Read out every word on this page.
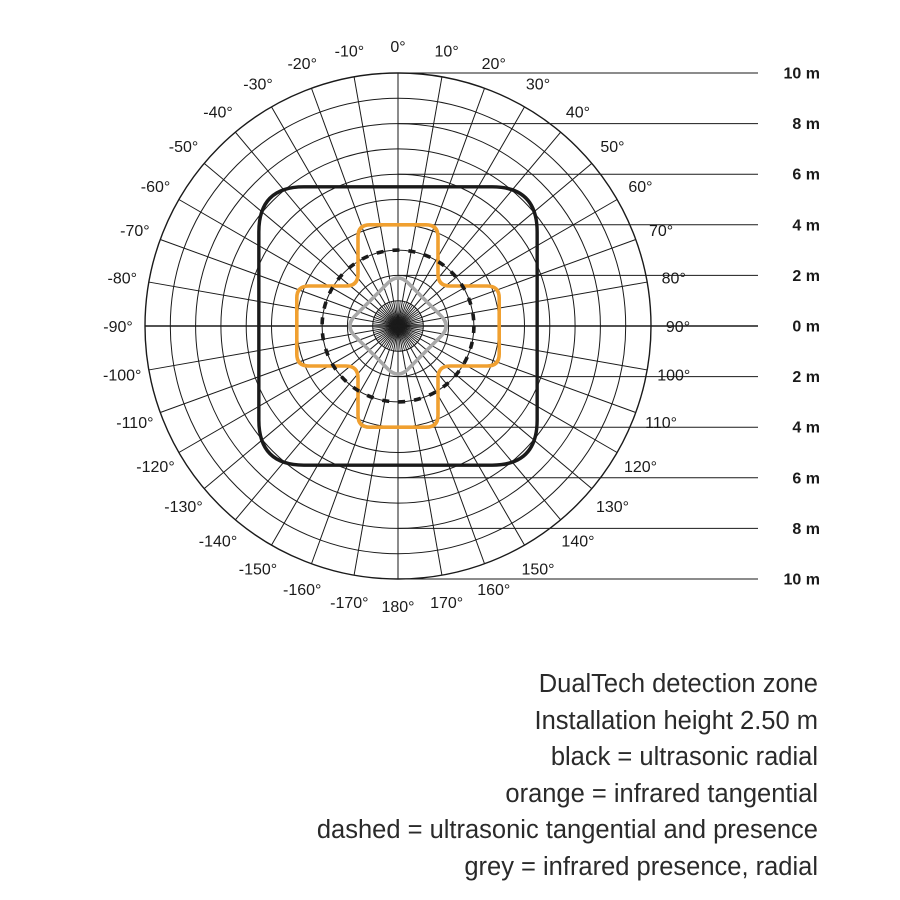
0°
-10°	10°
-20°	20°
-30°	30°
-40°	40°
-50°	50°
-60°	60°
-70°	70°
-80°	80°
-90°	90°
-100°	100°
-110°	110°
-120°	120°
-130°	130°
-140°	140°
-150°	150°
-160°	160°
-170°	170°
180°
10 m
8 m
6 m
4 m
2 m
0 m
2 m
4 m
6 m
8 m
10 m
DualTech detection zone
Installation height 2.50 m
black = ultrasonic radial
orange = infrared tangential
dashed = ultrasonic tangential and presence
grey = infrared presence, radial
